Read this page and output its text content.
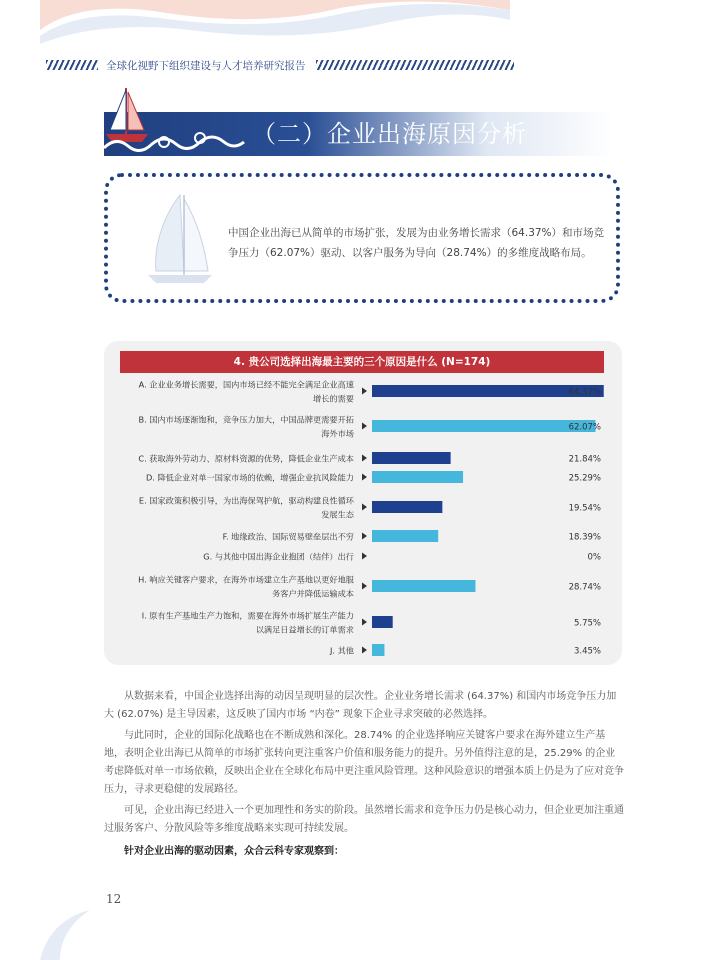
全球化视野下组织建设与人才培养研究报告
（二）企业出海原因分析
中国企业出海已从简单的市场扩张，发展为由业务增长需求（64.37%）和市场竞争压力（62.07%）驱动、以客户服务为导向（28.74%）的多维度战略布局。
4. 贵公司选择出海最主要的三个原因是什么 (N=174)
A. 企业业务增长需要，国内市场已经不能完全满足企业高速
增长的需要
64.37%
B. 国内市场逐渐饱和，竞争压力加大，中国品牌更需要开拓
海外市场
62.07%
C. 获取海外劳动力、原材料资源的优势，降低企业生产成本	21.84%
D. 降低企业对单一国家市场的依赖，增强企业抗风险能力	25.29%
E. 国家政策积极引导，为出海保驾护航，驱动构建良性循环
发展生态
19.54%
F. 地缘政治、国际贸易壁垒层出不穷	18.39%
G. 与其他中国出海企业抱团（结伴）出行	0%
H. 响应关键客户要求，在海外市场建立生产基地以更好地服
务客户并降低运输成本
28.74%
I. 原有生产基地生产力饱和，需要在海外市场扩展生产能力
以满足日益增长的订单需求
5.75%
J. 其他	3.45%
从数据来看，中国企业选择出海的动因呈现明显的层次性。企业业务增长需求 (64.37%) 和国内市场竞争压力加大 (62.07%) 是主导因素，这反映了国内市场 “内卷” 现象下企业寻求突破的必然选择。
与此同时，企业的国际化战略也在不断成熟和深化。28.74% 的企业选择响应关键客户要求在海外建立生产基地，表明企业出海已从简单的市场扩张转向更注重客户价值和服务能力的提升。另外值得注意的是，25.29% 的企业考虑降低对单一市场依赖，反映出企业在全球化布局中更注重风险管理。这种风险意识的增强本质上仍是为了应对竞争压力，寻求更稳健的发展路径。
可见，企业出海已经进入一个更加理性和务实的阶段。虽然增长需求和竞争压力仍是核心动力，但企业更加注重通过服务客户、分散风险等多维度战略来实现可持续发展。
针对企业出海的驱动因素，众合云科专家观察到：
12
